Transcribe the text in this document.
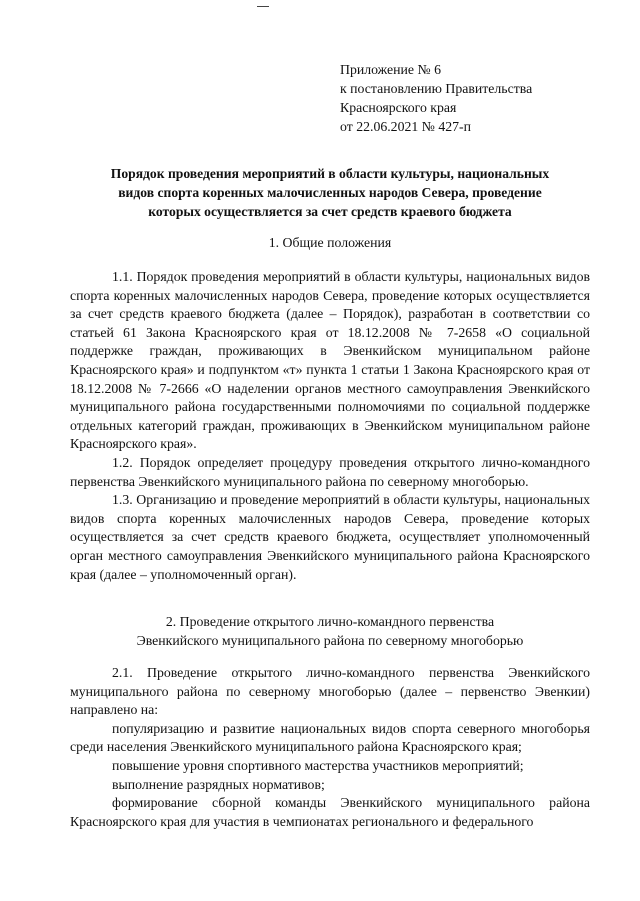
Приложение № 6
к постановлению Правительства
Красноярского края
от 22.06.2021 № 427-п
Порядок проведения мероприятий в области культуры, национальных
видов спорта коренных малочисленных народов Севера, проведение
которых осуществляется за счет средств краевого бюджета
1. Общие положения

1.1. Порядок проведения мероприятий в области культуры, национальных видов спорта коренных малочисленных народов Севера, проведение которых осуществляется за счет средств краевого бюджета (далее – Порядок), разработан в соответствии со статьей 61 Закона Красноярского края от 18.12.2008 № 7-2658 «О социальной поддержке граждан, проживающих в Эвенкийском муниципальном районе Красноярского края» и подпунктом «т» пункта 1 статьи 1 Закона Красноярского края от 18.12.2008 № 7-2666 «О наделении органов местного самоуправления Эвенкийского муниципального района государственными полномочиями по социальной поддержке отдельных категорий граждан, проживающих в Эвенкийском муниципальном районе Красноярского края».

1.2. Порядок определяет процедуру проведения открытого лично-командного первенства Эвенкийского муниципального района по северному многоборью.

1.3. Организацию и проведение мероприятий в области культуры, национальных видов спорта коренных малочисленных народов Севера, проведение которых осуществляется за счет средств краевого бюджета, осуществляет уполномоченный орган местного самоуправления Эвенкийского муниципального района Красноярского края (далее – уполномоченный орган).

2. Проведение открытого лично-командного первенства
Эвенкийского муниципального района по северному многоборью

2.1. Проведение открытого лично-командного первенства Эвенкийского муниципального района по северному многоборью (далее – первенство Эвенкии) направлено на:

популяризацию и развитие национальных видов спорта северного многоборья среди населения Эвенкийского муниципального района Красноярского края;

повышение уровня спортивного мастерства участников мероприятий;

выполнение разрядных нормативов;

формирование сборной команды Эвенкийского муниципального района Красноярского края для участия в чемпионатах регионального и федерального
